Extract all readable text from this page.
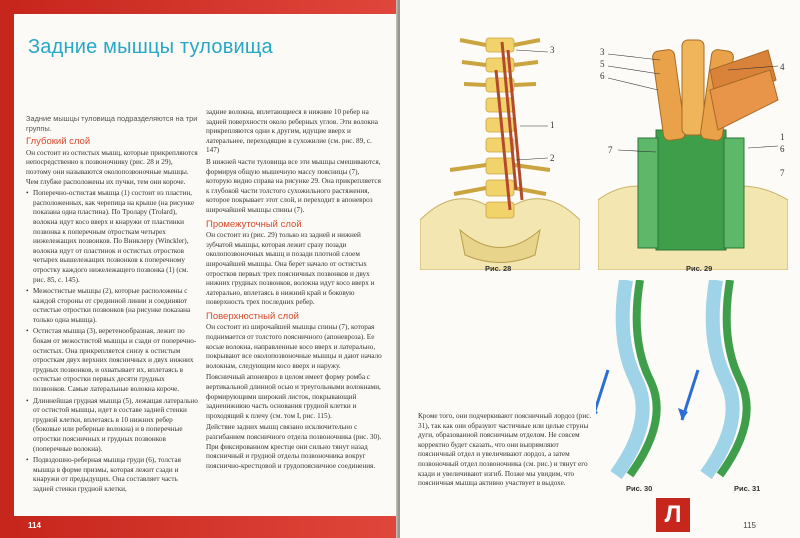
Задние мышцы туловища
Задние мышцы туловища подразделяются на три группы.
Глубокий слой
Он состоит из остистых мышц, которые прикрепляются непосредственно к позвоночнику (рис. 28 и 29), поэтому они называются околопозвоночные мышцы. Чем глубже расположены их пучки, тем они короче.
• Поперечно-остистая мышца (1) состоит из пластин, расположенных, как черепица на крыше (на рисунке показана одна пластина). По Тролару (Trolard), волокна идут косо вверх и кнаружи от пластинки позвонка к поперечным отросткам четырех нижележащих позвонков. По Винклеру (Winckler), волокна идут от пластинок и остистых отростков четырех вышележащих позвонков к поперечному отростку каждого нижележащего позвонка (1) (см. рис. 85, с. 145).
• Межостистые мышцы (2), которые расположены с каждой стороны от срединной линии и соединяют остистые отростки позвонков (на рисунке показана только одна мышца).
• Остистая мышца (3), веретенообразная, лежит по бокам от межостистой мышцы и сзади от поперечно-остистых. Она прикрепляется снизу к остистым отросткам двух верхних поясничных и двух нижних грудных позвонков, и охватывает их, вплетаясь в остистые отростки первых десяти грудных позвонков. Самые латеральные волокна короче.
• Длиннейшая грудная мышца (5), лежащая латерально от остистой мышцы, идет в составе задней стенки грудной клетки, вплетаясь в 10 нижних ребер (боковые или реберные волокна) и в поперечные отростки поясничных и грудных позвонков (поперечные волокна).
• Подвздошно-реберная мышца груди (6), толстая мышца в форме призмы, которая лежит сзади и кнаружи от предыдущих. Она составляет часть задней стенки грудной клетки,
задние волокна, вплетающиеся в нижние 10 ребер на задней поверхности около реберных углов. Эти волокна прикрепляются одни к другим, идущие вверх и латеральнее, переходящие в сухожилие (см. рис. 89, с. 147)
В нижней части туловища все эти мышцы смешиваются, формируя общую мышечную массу поясницы (7), которую видно справа на рисунке 29. Она прикрепляется к глубокой части толстого сухожильного растяжения, которое покрывает этот слой, и переходит в апоневроз широчайшей мышцы спины (7).
Промежуточный слой
Он состоит из (рис. 29) только из задней и нижней зубчатой мышцы, которая лежит сразу позади околопозвоночных мышц и позади плотной слоем широчайшей мышцы. Она берет начало от остистых отростков первых трех поясничных позвонков и двух нижних грудных позвонков, волокна идут косо вверх и латерально, вплетаясь в нижний край и боковую поверхность трех последних ребер.
Поверхностный слой
Он состоит из широчайшей мышцы спины (7), которая поднимается от толстого поясничного (апоневроза). Ее косые волокна, направленные косо вверх и латерально, покрывают все околопозвоночные мышцы и дают начало волокнам, следующим косо вверх и наружу.
Поясничный апоневроз в целом имеет форму ромба с вертикальной длинной осью и треугольными волокнами, формирующими широкий листок, покрывающий задненижнюю часть основания грудной клетки и проходящий к плечу (см. том I, рис. 115).
Действие задних мышц связано исключительно с разгибанием поясничного отдела позвоночника (рис. 30). При фиксированном крестце они сильно тянут назад поясничный и грудной отделы позвоночника вокруг пояснично-крестцовой и грудопоясничное соединения.
114
3
1
2
Рис. 28
3
5
6
4
1
7	6
7
Рис. 29
Рис. 30	Рис. 31
115
Кроме того, они подчеркивают поясничный лордоз (рис. 31), так как они образуют частичные или целые струны дуги, образованной поясничным отделом. Не совсем корректно будет сказать, что они выпрямляют поясничный отдел и увеличивают лордоз, а затем позвоночный отдел позвоночника (см. рис.) и тянут его кзади и увеличивают изгиб. Позже мы увидим, что поясничная мышца активно участвует в выдохе.
Л
